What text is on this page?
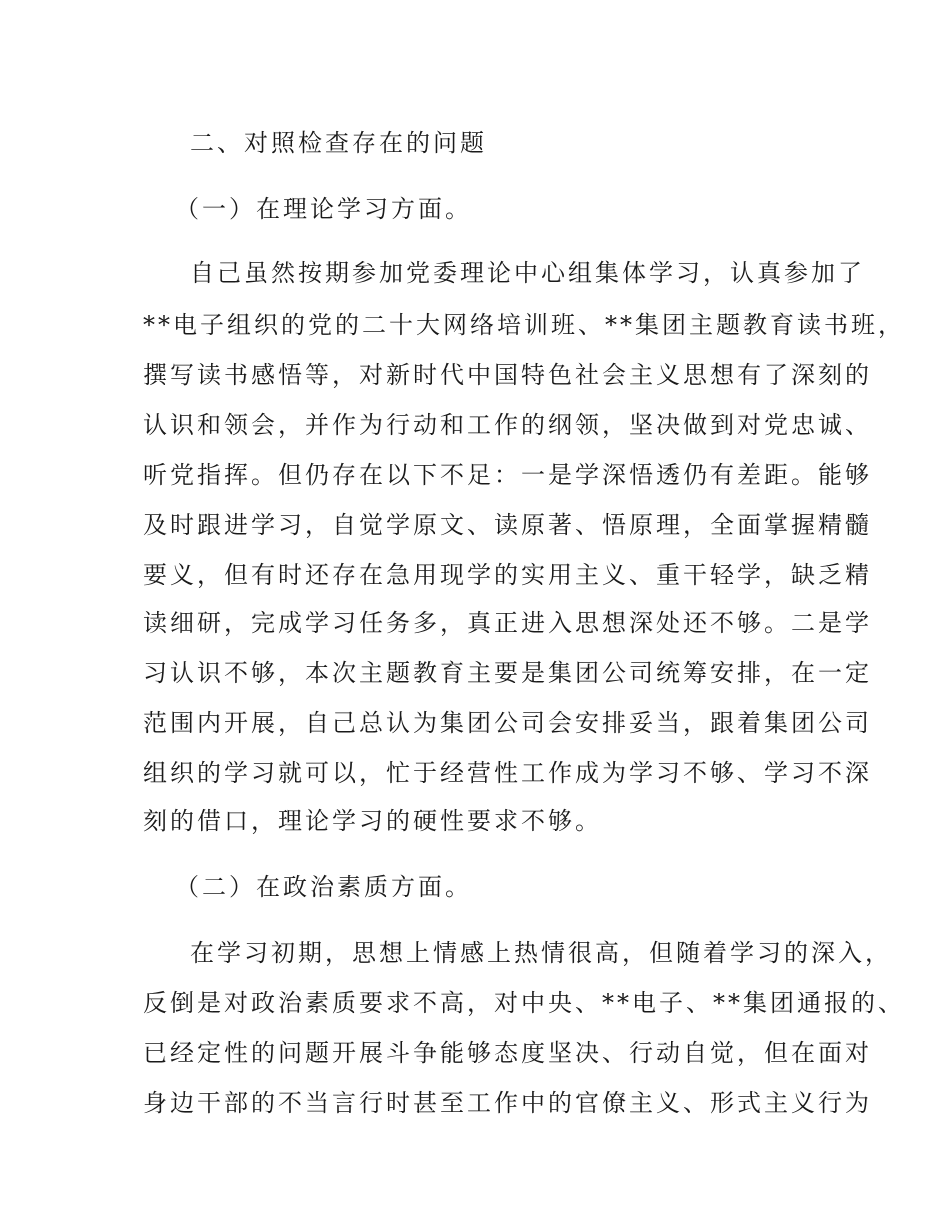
二、对照检查存在的问题
（一）在理论学习方面。
自己虽然按期参加党委理论中心组集体学习，认真参加了
**电子组织的党的二十大网络培训班、**集团主题教育读书班，
撰写读书感悟等，对新时代中国特色社会主义思想有了深刻的
认识和领会，并作为行动和工作的纲领，坚决做到对党忠诚、
听党指挥。但仍存在以下不足：一是学深悟透仍有差距。能够
及时跟进学习，自觉学原文、读原著、悟原理，全面掌握精髓
要义，但有时还存在急用现学的实用主义、重干轻学，缺乏精
读细研，完成学习任务多，真正进入思想深处还不够。二是学
习认识不够，本次主题教育主要是集团公司统筹安排，在一定
范围内开展，自己总认为集团公司会安排妥当，跟着集团公司
组织的学习就可以，忙于经营性工作成为学习不够、学习不深
刻的借口，理论学习的硬性要求不够。
（二）在政治素质方面。
在学习初期，思想上情感上热情很高，但随着学习的深入，
反倒是对政治素质要求不高，对中央、**电子、**集团通报的、
已经定性的问题开展斗争能够态度坚决、行动自觉，但在面对
身边干部的不当言行时甚至工作中的官僚主义、形式主义行为
